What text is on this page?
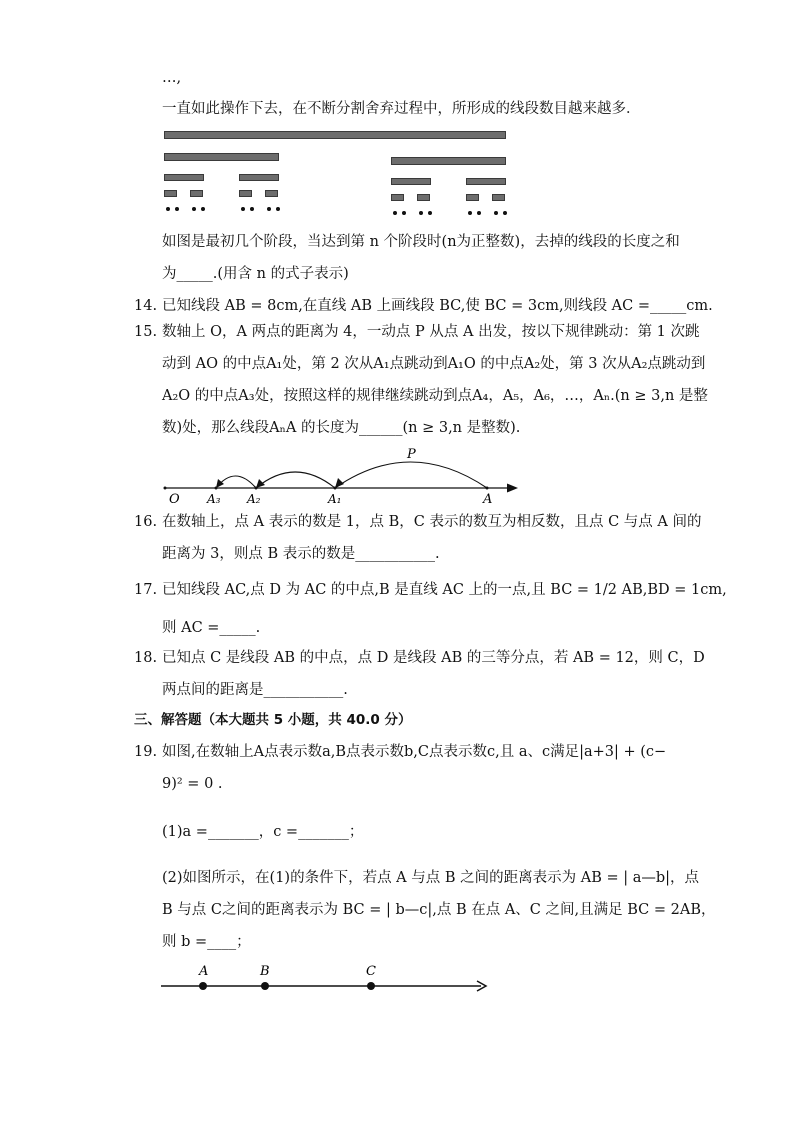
…,
一直如此操作下去，在不断分割舍弃过程中，所形成的线段数目越来越多．
如图是最初几个阶段，当达到第 n 个阶段时(n为正整数)，去掉的线段的长度之和
为_____.(用含 n 的式子表示)
14. 已知线段 AB = 8cm,在直线 AB 上画线段 BC,使 BC = 3cm,则线段 AC =_____cm.
15. 数轴上 O，A 两点的距离为 4，一动点 P 从点 A 出发，按以下规律跳动：第 1 次跳
动到 AO 的中点A₁处，第 2 次从A₁点跳动到A₁O 的中点A₂处，第 3 次从A₂点跳动到
A₂O 的中点A₃处，按照这样的规律继续跳动到点A₄，A₅，A₆，…，Aₙ.(n ≥ 3,n 是整
数)处，那么线段AₙA 的长度为______(n ≥ 3,n 是整数).
O A₃ A₂	A₁	A
P
16. 在数轴上，点 A 表示的数是 1，点 B，C 表示的数互为相反数，且点 C 与点 A 间的
距离为 3，则点 B 表示的数是___________.
17. 已知线段 AC,点 D 为 AC 的中点,B 是直线 AC 上的一点,且 BC = 1/2 AB,BD = 1cm,
则 AC =_____.
18. 已知点 C 是线段 AB 的中点，点 D 是线段 AB 的三等分点，若 AB = 12，则 C，D
两点间的距离是___________.
三、解答题（本大题共 5 小题，共 40.0 分）
19. 如图,在数轴上A点表示数a,B点表示数b,C点表示数c,且 a、c满足|a+3| + (c−
9)² = 0 .
(1)a =_______，c =_______；
(2)如图所示，在(1)的条件下，若点 A 与点 B 之间的距离表示为 AB = | a—b|，点
B 与点 C之间的距离表示为 BC = | b—c|,点 B 在点 A、C 之间,且满足 BC = 2AB，
则 b =____；
A	B	C
